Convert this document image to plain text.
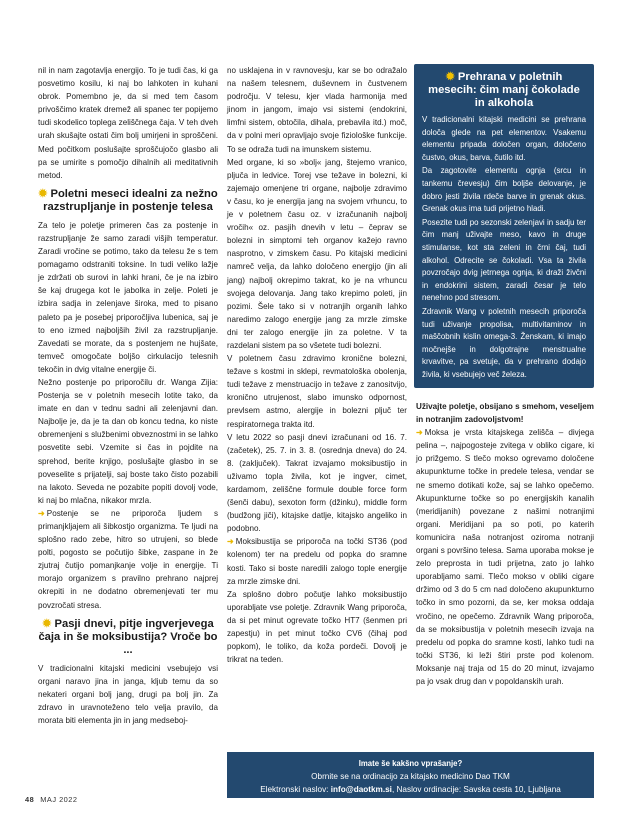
nil in nam zagotavlja energijo. To je tudi čas, ki ga posvetimo kosilu, ki naj bo lahkoten in kuhani obrok. Pomembno je, da si med tem časom privoščimo kratek dremež ali spanec ter popijemo tudi skodelico toplega zeliščnega čaja. V teh dveh urah skušajte ostati čim bolj umirjeni in sproščeni. Med počitkom poslušajte sproščujočo glasbo ali pa se umirite s pomočjo dihalnih ali meditativnih metod.

✹ Poletni meseci idealni za nežno razstrupljanje in postenje telesa

Za telo je poletje primeren čas za postenje in razstrupljanje že samo zaradi višjih temperatur. Zaradi vročine se potimo, tako da telesu že s tem pomagamo odstraniti toksine. In tudi veliko lažje je zdržati ob surovi in lahki hrani, če je na izbiro še kaj drugega kot le jabolka in zelje. Poleti je izbira sadja in zelenjave široka, med to pisano paleto pa je posebej priporočljiva lubenica, saj je to eno izmed najboljših živil za razstrupljanje. Zavedati se morate, da s postenjem ne hujšate, temveč omogočate boljšo cirkulacijo telesnih tekočin in dvig vitalne energije či.

Nežno postenje po priporočilu dr. Wanga Zijia: Postenja se v poletnih mesecih lotite tako, da imate en dan v tednu sadni ali zelenjavni dan. Najbolje je, da je ta dan ob koncu tedna, ko niste obremenjeni s službenimi obveznostmi in se lahko posvetite sebi. Vzemite si čas in pojdite na sprehod, berite knjigo, poslušajte glasbo in se poveselite s prijatelji, saj boste tako čisto pozabili na lakoto. Seveda ne pozabite popiti dovolj vode, ki naj bo mlačna, nikakor mrzla.

➜ Postenje se ne priporoča ljudem s primanjkljajem ali šibkostjo organizma. Te ljudi na splošno rado zebe, hitro so utrujeni, so blede polti, pogosto se počutijo šibke, zaspane in že zjutraj čutijo pomanjkanje volje in energije. Ti morajo organizem s pravilno prehrano najprej okrepiti in ne dodatno obremenjevati ter mu povzročati stresa.

✹ Pasji dnevi, pitje ingverjevega čaja in še moksibustija? Vroče bo ...

V tradicionalni kitajski medicini vsebujejo vsi organi naravo jina in janga, kljub temu da so nekateri organi bolj jang, drugi pa bolj jin. Za zdravo in uravnoteženo telo velja pravilo, da morata biti elementa jin in jang medseboj-

no usklajena in v ravnovesju, kar se bo odražalo na našem telesnem, duševnem in čustvenem področju. V telesu, kjer vlada harmonija med jinom in jangom, imajo vsi sistemi (endokrini, limfni sistem, obtočila, dihala, prebavila itd.) moč, da v polni meri opravljajo svoje fiziološke funkcije. To se odraža tudi na imunskem sistemu.

Med organe, ki so »bolj« jang, štejemo vranico, pljuča in ledvice. Torej vse težave in bolezni, ki zajemajo omenjene tri organe, najbolje zdravimo v času, ko je energija jang na svojem vrhuncu, to je v poletnem času oz. v izračunanih najbolj vročih« oz. pasjih dnevih v letu – čeprav se bolezni in simptomi teh organov kažejo ravno nasprotno, v zimskem času. Po kitajski medicini namreč velja, da lahko določeno energijo (jin ali jang) najbolj okrepimo takrat, ko je na vrhuncu svojega delovanja. Jang tako krepimo poleti, jin pozimi. Šele tako si v notranjih organih lahko naredimo zalogo energije jang za mrzle zimske dni ter zalogo energije jin za poletne. V ta razdelani sistem pa so všetete tudi bolezni.

V poletnem času zdravimo kronične bolezni, težave s kostmi in sklepi, revmatološka obolenja, tudi težave z menstruacijo in težave z zanositvijo, kronično utrujenost, slabo imunsko odpornost, prevlsem astmo, alergije in bolezni pljuč ter respiratornega trakta itd.

V letu 2022 so pasji dnevi izračunani od 16. 7. (začetek), 25. 7. in 3. 8. (osrednja dneva) do 24. 8. (zaključek). Takrat izvajamo moksibustijo in uživamo topla živila, kot je ingver, cimet, kardamom, zeliščne formule double force form (šenči dabu), sexoton form (džinku), middle form (budžong jiči), kitajske datlje, kitajsko angeliko in podobno.

➜ Moksibustija se priporoča na točki ST36 (pod kolenom) ter na predelu od popka do sramne kosti. Tako si boste naredili zalogo toplе energije za mrzle zimske dni.

Za splošno dobro počutje lahko moksibustijo uporabljate vse poletje. Zdravnik Wang priporoča, da si pet minut ogrevate točko HT7 (šenmen pri zapestju) in pet minut točko CV6 (čihaj pod popkom), le toliko, da koža pordeči. Dovolj je trikrat na teden.

✹ Prehrana v poletnih mesecih: čim manj čokolade in alkohola

V tradicionalni kitajski medicini se prehrana določa glede na pet elementov. Vsakemu elementu pripada določen organ, določeno čustvo, okus, barva, čutilo itd.

Da zagotovite elementu ognja (srcu in tankemu črevesju) čim boljše delovanje, je dobro jesti živila rdeče barve in grenak okus. Grenak okus ima tudi prijetno hladi.

Posezite tudi po sezonski zelenjavi in sadju ter čim manj uživajte meso, kavo in druge stimulanse, kot sta zeleni in črni čaj, tudi alkohol. Odrecite se čokoladi. Vsa ta živila povzročajo dvig jetrnega ognja, ki draži živčni in endokrini sistem, zaradi česar je telo nenehno pod stresom.

Zdravnik Wang v poletnih mesecih priporoča tudi uživanje propolisa, multivitaminov in maščobnih kislin omega-3. Ženskam, ki imajo močnejše in dolgotrajne menstrualne krvavitve, pa svetuje, da v prehrano dodajo živila, ki vsebujejo več železa.

Uživajte poletje, obsijano s smehom, veseljem in notranjim zadovoljstvom!

➜ Moksa je vrsta kitajskega zelišča – divjega pelina –, najpogosteje zvitega v obliko cigare, ki jo prižgemo. S tlečo mokso ogrevamo določene akupunkturne točke in predele telesa, vendar se ne smemo dotikati kože, saj se lahko opečemo. Akupunkturne točke so po energijskih kanalih (meridijanih) povezane z našimi notranjimi organi. Meridijani pa so poti, po katerih komunicira naša notranjost oziroma notranji organi s površino telesa. Sama uporaba mokse je zelo preprosta in tudi prijetna, zato jo lahko uporabljamo sami. Tlečo mokso v obliki cigare držimo od 3 do 5 cm nad določeno akupunkturno točko in smo pozorni, da se, ker moksa oddaja vročino, ne opečemo. Zdravnik Wang priporoča, da se moksibustija v poletnih mesecih izvaja na predelu od popka do sramne kosti, lahko tudi na točki ST36, ki leži štiri prste pod kolenom. Moksanje naj traja od 15 do 20 minut, izvajamo pa jo vsak drug dan v popoldanskih urah.

Imate še kakšno vprašanje?
Obrnite se na ordinacijo za kitajsko medicino Dao TKM
Elektronski naslov: info@daotkm.si, Naslov ordinacije: Savska cesta 10, Ljubljana
48 MAJ 2022
